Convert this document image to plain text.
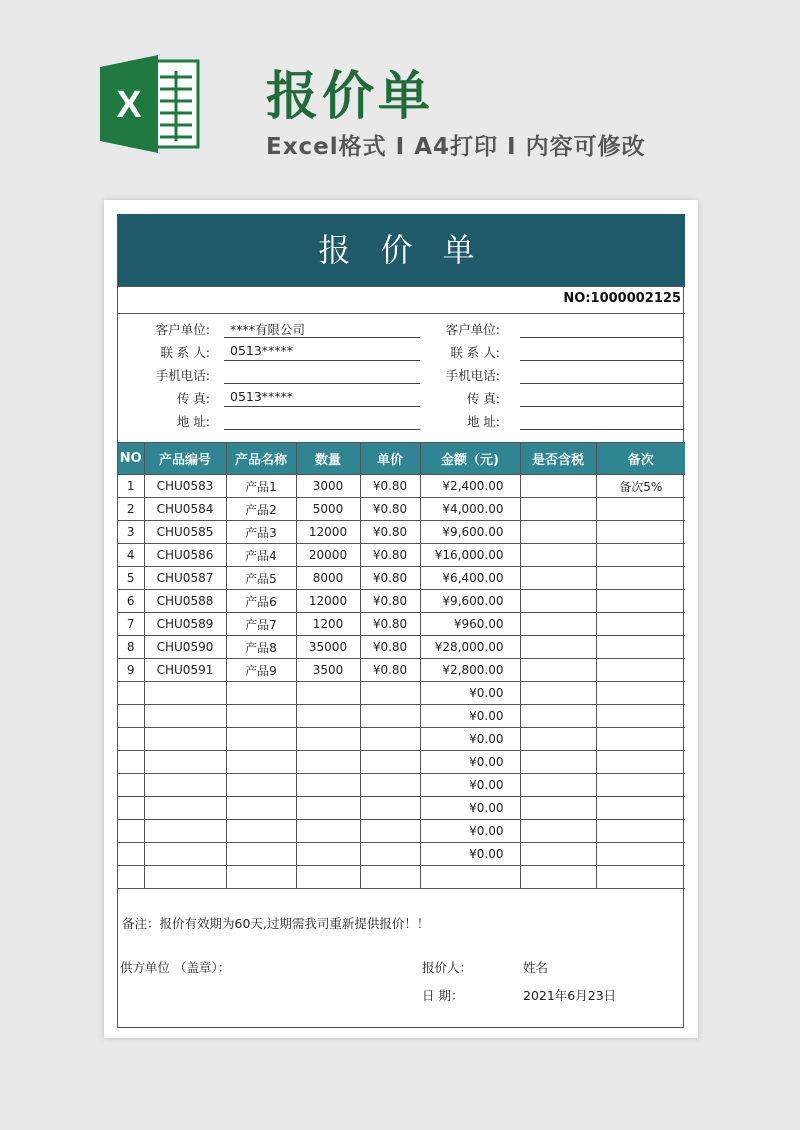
X 报价单
Excel格式 I A4打印 I 内容可修改
报 价 单
NO:1000002125
客户单位: ****有限公司
联 系 人: 0513*****
手机电话:
传 真: 0513*****
地 址:
客户单位:
联 系 人:
手机电话:
传 真:
地 址:
NO	产品编号	产品名称	数量	单价	金额（元)	是否含税	备次
1	CHU0583	产品1	3000	¥0.80	¥2,400.00		备次5%
2	CHU0584	产品2	5000	¥0.80	¥4,000.00		
3	CHU0585	产品3	12000	¥0.80	¥9,600.00		
4	CHU0586	产品4	20000	¥0.80	¥16,000.00		
5	CHU0587	产品5	8000	¥0.80	¥6,400.00		
6	CHU0588	产品6	12000	¥0.80	¥9,600.00		
7	CHU0589	产品7	1200	¥0.80	¥960.00		
8	CHU0590	产品8	35000	¥0.80	¥28,000.00		
9	CHU0591	产品9	3500	¥0.80	¥2,800.00		
					¥0.00		
					¥0.00		
					¥0.00		
					¥0.00		
					¥0.00		
					¥0.00		
					¥0.00		
					¥0.00		

备注：报价有效期为60天,过期需我司重新提供报价！！
供方单位 （盖章）：	报价人：	姓名
日 期：	2021年6月23日
